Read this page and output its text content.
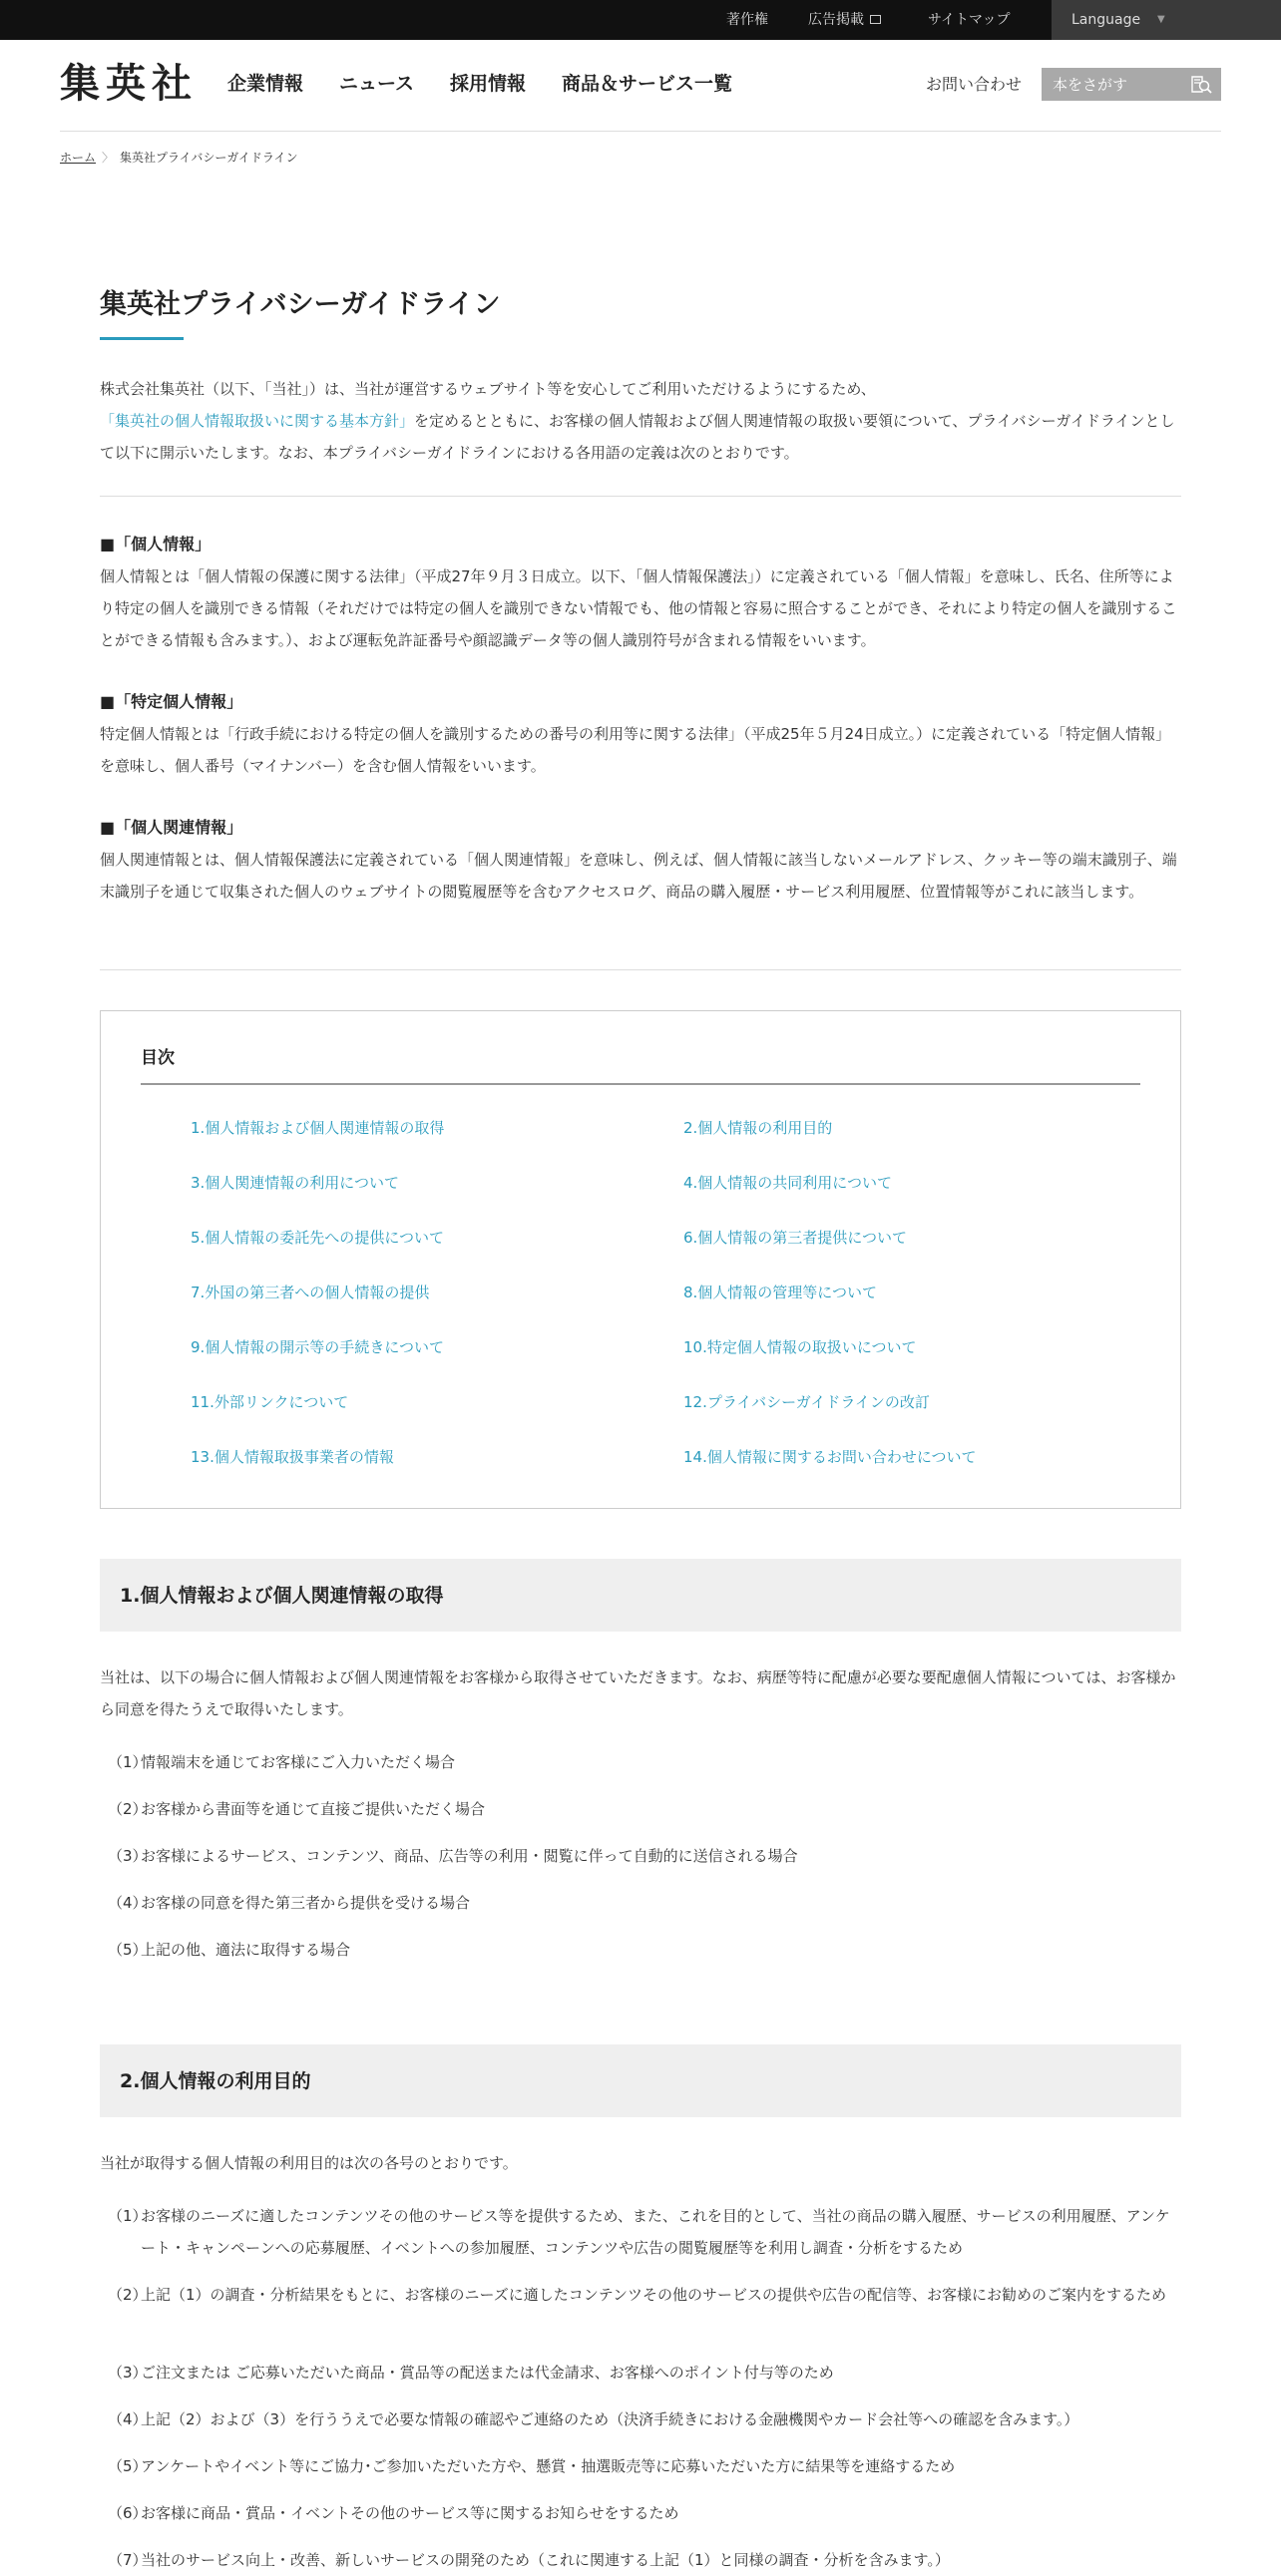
著作権	広告掲載	サイトマップ	Language ▼
集英社 企業情報 ニュース 採用情報 商品＆サービス一覧	お問い合わせ
本をさがす
ホーム 〉 集英社プライバシーガイドライン
集英社プライバシーガイドライン

株式会社集英社（以下、「当社」）は、当社が運営するウェブサイト等を安心してご利用いただけるようにするため、「集英社の個人情報取扱いに関する基本方針」を定めるとともに、お客様の個人情報および個人関連情報の取扱い要領について、プライバシーガイドラインとして以下に開示いたします。なお、本プライバシーガイドラインにおける各用語の定義は次のとおりです。

■「個人情報」

個人情報とは「個人情報の保護に関する法律」（平成27年９月３日成立。以下、「個人情報保護法」）に定義されている「個人情報」を意味し、氏名、住所等により特定の個人を識別できる情報（それだけでは特定の個人を識別できない情報でも、他の情報と容易に照合することができ、それにより特定の個人を識別することができる情報も含みます。）、および運転免許証番号や顔認識データ等の個人識別符号が含まれる情報をいいます。

■「特定個人情報」

特定個人情報とは「行政手続における特定の個人を識別するための番号の利用等に関する法律」（平成25年５月24日成立。）に定義されている「特定個人情報」を意味し、個人番号（マイナンバー）を含む個人情報をいいます。

■「個人関連情報」

個人関連情報とは、個人情報保護法に定義されている「個人関連情報」を意味し、例えば、個人情報に該当しないメールアドレス、クッキー等の端末識別子、端末識別子を通じて収集された個人のウェブサイトの閲覧履歴等を含むアクセスログ、商品の購入履歴・サービス利用履歴、位置情報等がこれに該当します。

目次
1.個人情報および個人関連情報の取得	2.個人情報の利用目的
3.個人関連情報の利用について	4.個人情報の共同利用について
5.個人情報の委託先への提供について	6.個人情報の第三者提供について
7.外国の第三者への個人情報の提供	8.個人情報の管理等について
9.個人情報の開示等の手続きについて	10.特定個人情報の取扱いについて
11.外部リンクについて	12.プライバシーガイドラインの改訂
13.個人情報取扱事業者の情報	14.個人情報に関するお問い合わせについて
1.個人情報および個人関連情報の取得

当社は、以下の場合に個人情報および個人関連情報をお客様から取得させていただきます。なお、病歴等特に配慮が必要な要配慮個人情報については、お客様から同意を得たうえで取得いたします。

（1）
情報端末を通じてお客様にご入力いただく場合
（2）
お客様から書面等を通じて直接ご提供いただく場合
（3）
お客様によるサービス、コンテンツ、商品、広告等の利用・閲覧に伴って自動的に送信される場合
（4）
お客様の同意を得た第三者から提供を受ける場合
（5）
上記の他、適法に取得する場合
2.個人情報の利用目的

当社が取得する個人情報の利用目的は次の各号のとおりです。

（1）
お客様のニーズに適したコンテンツその他のサービス等を提供するため、また、これを目的として、当社の商品の購入履歴、サービスの利用履歴、アンケート・キャンペーンへの応募履歴、イベントへの参加履歴、コンテンツや広告の閲覧履歴等を利用し調査・分析をするため
（2）
上記（1）の調査・分析結果をもとに、お客様のニーズに適したコンテンツその他のサービスの提供や広告の配信等、お客様にお勧めのご案内をするため
（3）
ご注文または ご応募いただいた商品・賞品等の配送または代金請求、お客様へのポイント付与等のため
（4）
上記（2）および（3）を行ううえで必要な情報の確認やご連絡のため（決済手続きにおける金融機関やカード会社等への確認を含みます。）
（5）
アンケートやイベント等にご協力･ご参加いただいた方や、懸賞・抽選販売等に応募いただいた方に結果等を連絡するため
（6）
お客様に商品・賞品・イベントその他のサービス等に関するお知らせをするため
（7）
当社のサービス向上・改善、新しいサービスの開発のため（これに関連する上記（1）と同様の調査・分析を含みます。）
